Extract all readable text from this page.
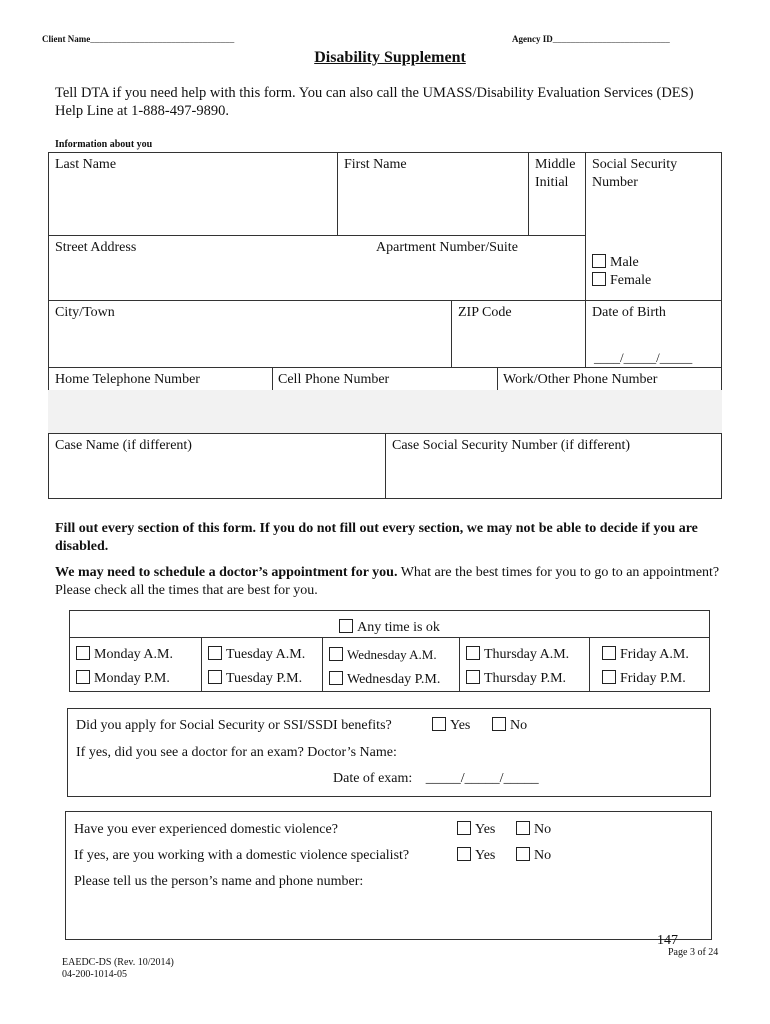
Client Name________________________________	Agency ID__________________________
Disability Supplement
Tell DTA if you need help with this form. You can also call the UMASS/Disability Evaluation Services (DES) Help Line at 1-888-497-9890.
Information about you
Last Name	First Name	Middle Initial
Social Security Number
Street Address	Apartment Number/Suite
Male
Female
City/Town	ZIP Code	Date of Birth
____/_____/_____
Home Telephone Number	Cell Phone Number	Work/Other Phone Number
Case Name (if different)	Case Social Security Number (if different)
Fill out every section of this form. If you do not fill out every section, we may not be able to decide if you are disabled.
We may need to schedule a doctor’s appointment for you. What are the best times for you to go to an appointment? Please check all the times that are best for you.
Any time is ok
Monday A.M.
Monday P.M.
Tuesday A.M.
Tuesday P.M.
Wednesday A.M.
Wednesday P.M.
Thursday A.M.
Thursday P.M.
Friday A.M.
Friday P.M.
Did you apply for Social Security or SSI/SSDI benefits?	Yes	No
If yes, did you see a doctor for an exam? Doctor’s Name:
Date of exam: _____/_____/_____
Have you ever experienced domestic violence?	Yes	No
If yes, are you working with a domestic violence specialist?	Yes	No
Please tell us the person’s name and phone number:
147
Page 3 of 24
EAEDC-DS (Rev. 10/2014)
04-200-1014-05
